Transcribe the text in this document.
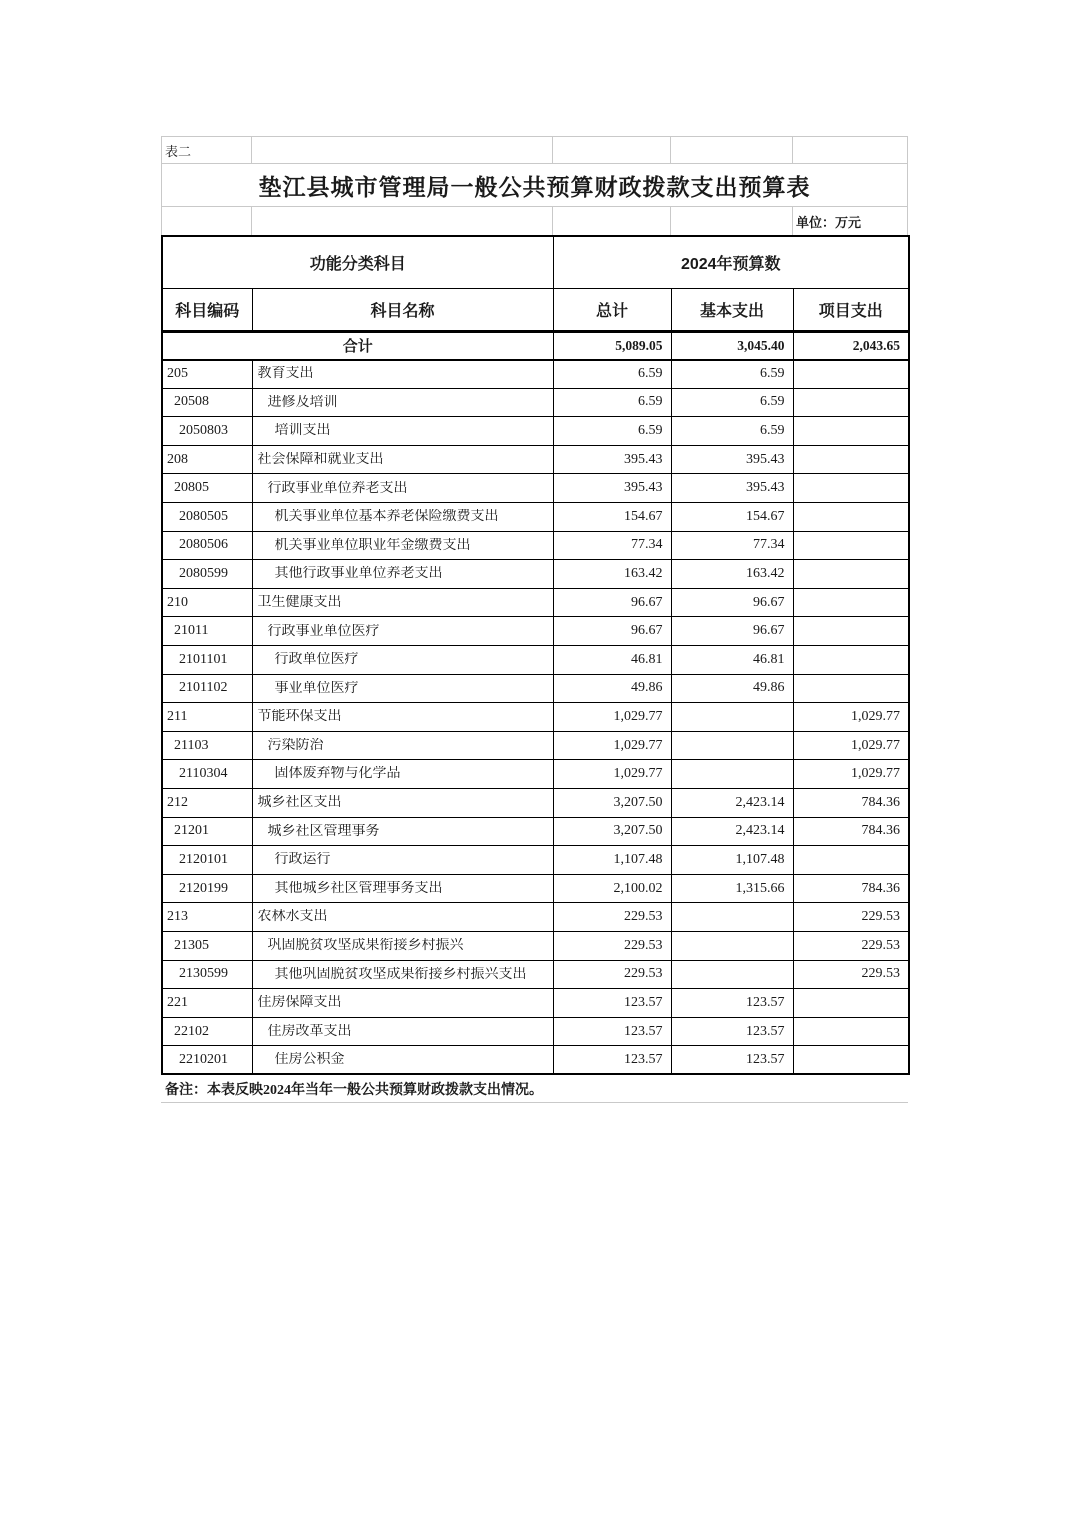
表二
垫江县城市管理局一般公共预算财政拨款支出预算表
单位：万元
功能分类科目		2024年预算数		
科目编码	科目名称	总计	基本支出	项目支出
合计		5,089.05	3,045.40	2,043.65
205	教育支出	6.59	6.59	
20508	进修及培训	6.59	6.59	
2050803	培训支出	6.59	6.59	
208	社会保障和就业支出	395.43	395.43	
20805	行政事业单位养老支出	395.43	395.43	
2080505	机关事业单位基本养老保险缴费支出	154.67	154.67	
2080506	机关事业单位职业年金缴费支出	77.34	77.34	
2080599	其他行政事业单位养老支出	163.42	163.42	
210	卫生健康支出	96.67	96.67	
21011	行政事业单位医疗	96.67	96.67	
2101101	行政单位医疗	46.81	46.81	
2101102	事业单位医疗	49.86	49.86	
211	节能环保支出	1,029.77		1,029.77
21103	污染防治	1,029.77		1,029.77
2110304	固体废弃物与化学品	1,029.77		1,029.77
212	城乡社区支出	3,207.50	2,423.14	784.36
21201	城乡社区管理事务	3,207.50	2,423.14	784.36
2120101	行政运行	1,107.48	1,107.48	
2120199	其他城乡社区管理事务支出	2,100.02	1,315.66	784.36
213	农林水支出	229.53		229.53
21305	巩固脱贫攻坚成果衔接乡村振兴	229.53		229.53
2130599	其他巩固脱贫攻坚成果衔接乡村振兴支出	229.53		229.53
221	住房保障支出	123.57	123.57	
22102	住房改革支出	123.57	123.57	
2210201	住房公积金	123.57	123.57	
备注：本表反映2024年当年一般公共预算财政拨款支出情况。
